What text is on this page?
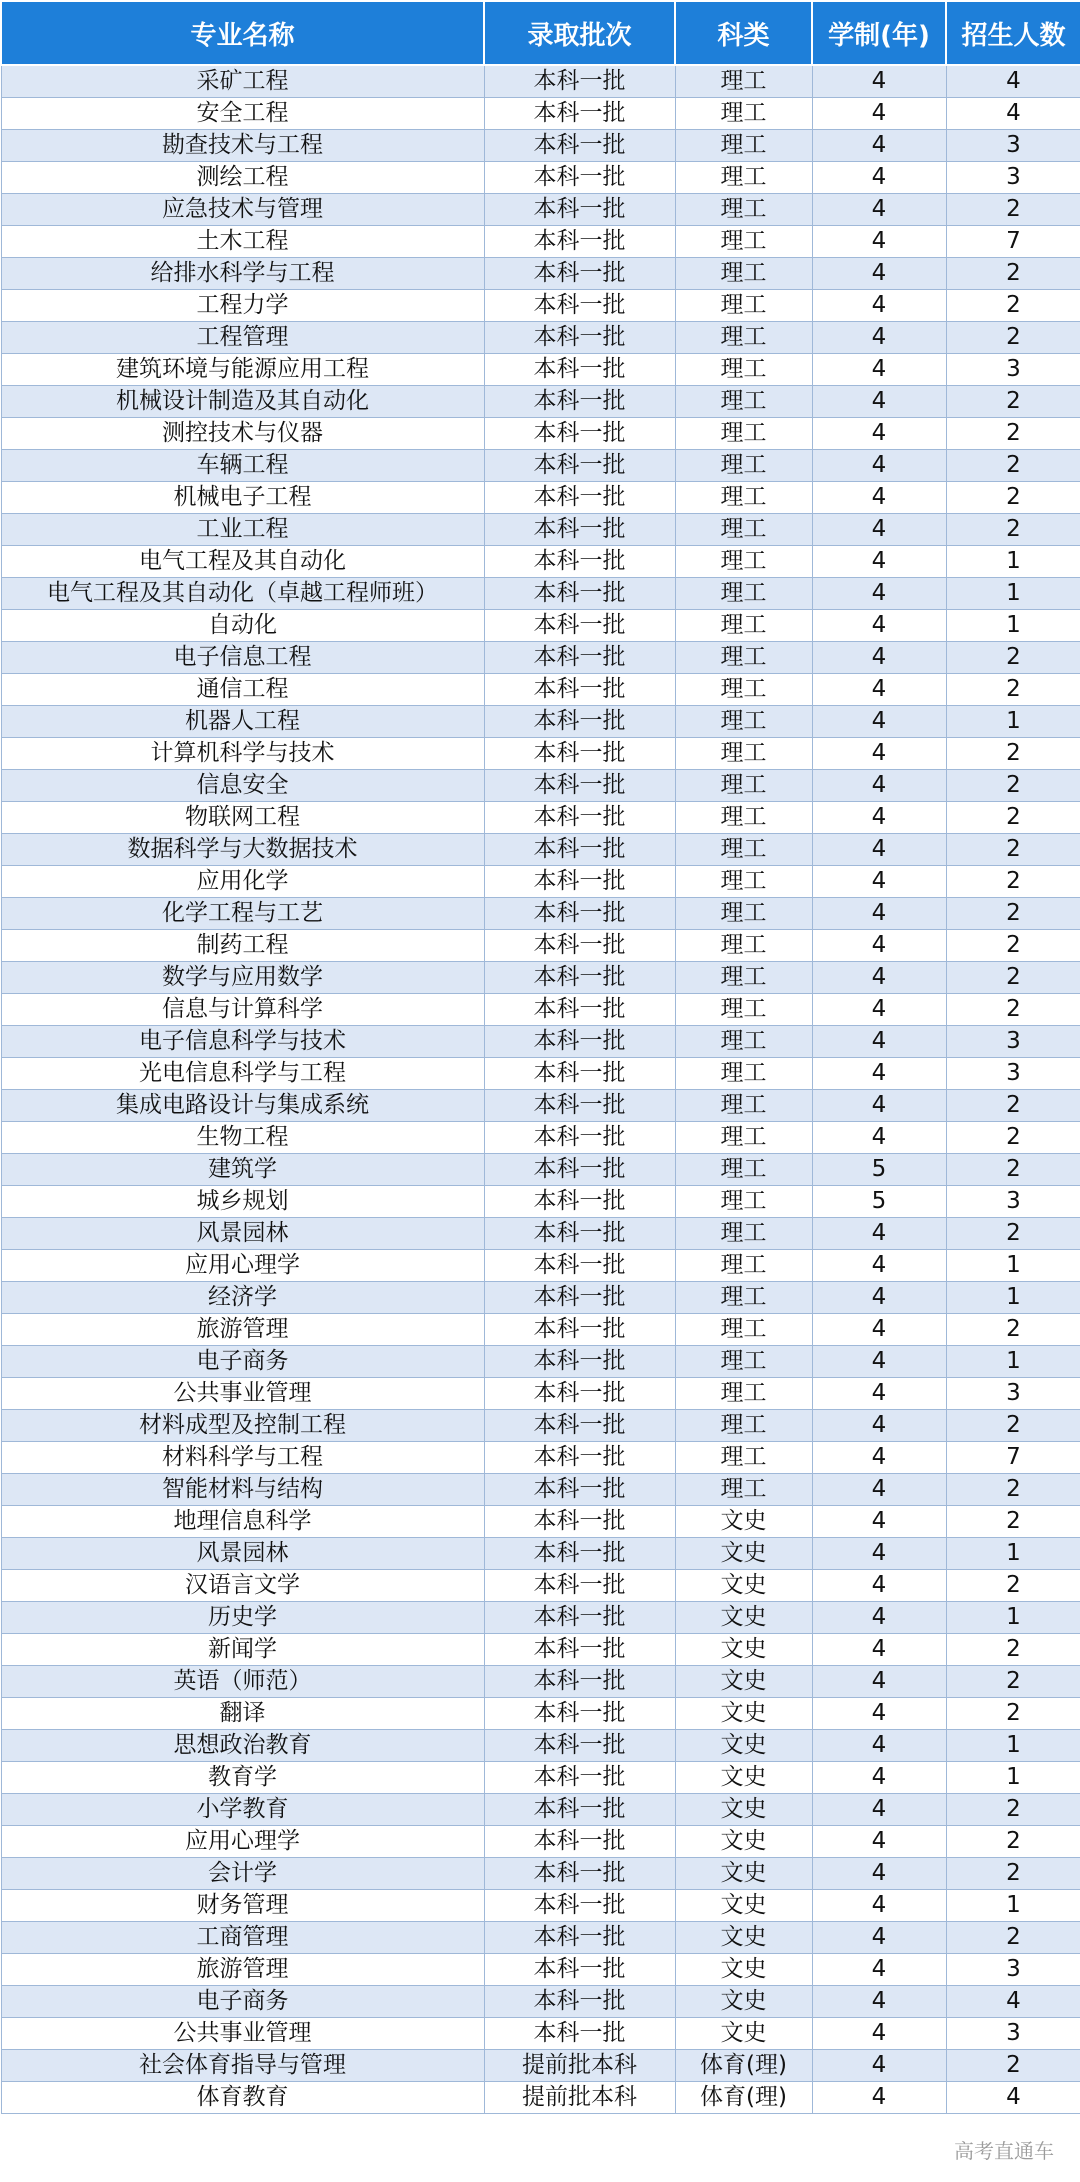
专业名称	录取批次	科类	学制(年)	招生人数
采矿工程	本科一批	理工	4	4
安全工程	本科一批	理工	4	4
勘查技术与工程	本科一批	理工	4	3
测绘工程	本科一批	理工	4	3
应急技术与管理	本科一批	理工	4	2
土木工程	本科一批	理工	4	7
给排水科学与工程	本科一批	理工	4	2
工程力学	本科一批	理工	4	2
工程管理	本科一批	理工	4	2
建筑环境与能源应用工程	本科一批	理工	4	3
机械设计制造及其自动化	本科一批	理工	4	2
测控技术与仪器	本科一批	理工	4	2
车辆工程	本科一批	理工	4	2
机械电子工程	本科一批	理工	4	2
工业工程	本科一批	理工	4	2
电气工程及其自动化	本科一批	理工	4	1
电气工程及其自动化（卓越工程师班）	本科一批	理工	4	1
自动化	本科一批	理工	4	1
电子信息工程	本科一批	理工	4	2
通信工程	本科一批	理工	4	2
机器人工程	本科一批	理工	4	1
计算机科学与技术	本科一批	理工	4	2
信息安全	本科一批	理工	4	2
物联网工程	本科一批	理工	4	2
数据科学与大数据技术	本科一批	理工	4	2
应用化学	本科一批	理工	4	2
化学工程与工艺	本科一批	理工	4	2
制药工程	本科一批	理工	4	2
数学与应用数学	本科一批	理工	4	2
信息与计算科学	本科一批	理工	4	2
电子信息科学与技术	本科一批	理工	4	3
光电信息科学与工程	本科一批	理工	4	3
集成电路设计与集成系统	本科一批	理工	4	2
生物工程	本科一批	理工	4	2
建筑学	本科一批	理工	5	2
城乡规划	本科一批	理工	5	3
风景园林	本科一批	理工	4	2
应用心理学	本科一批	理工	4	1
经济学	本科一批	理工	4	1
旅游管理	本科一批	理工	4	2
电子商务	本科一批	理工	4	1
公共事业管理	本科一批	理工	4	3
材料成型及控制工程	本科一批	理工	4	2
材料科学与工程	本科一批	理工	4	7
智能材料与结构	本科一批	理工	4	2
地理信息科学	本科一批	文史	4	2
风景园林	本科一批	文史	4	1
汉语言文学	本科一批	文史	4	2
历史学	本科一批	文史	4	1
新闻学	本科一批	文史	4	2
英语（师范）	本科一批	文史	4	2
翻译	本科一批	文史	4	2
思想政治教育	本科一批	文史	4	1
教育学	本科一批	文史	4	1
小学教育	本科一批	文史	4	2
应用心理学	本科一批	文史	4	2
会计学	本科一批	文史	4	2
财务管理	本科一批	文史	4	1
工商管理	本科一批	文史	4	2
旅游管理	本科一批	文史	4	3
电子商务	本科一批	文史	4	4
公共事业管理	本科一批	文史	4	3
社会体育指导与管理	提前批本科	体育(理)	4	2
体育教育	提前批本科	体育(理)	4	4
高考直通车
